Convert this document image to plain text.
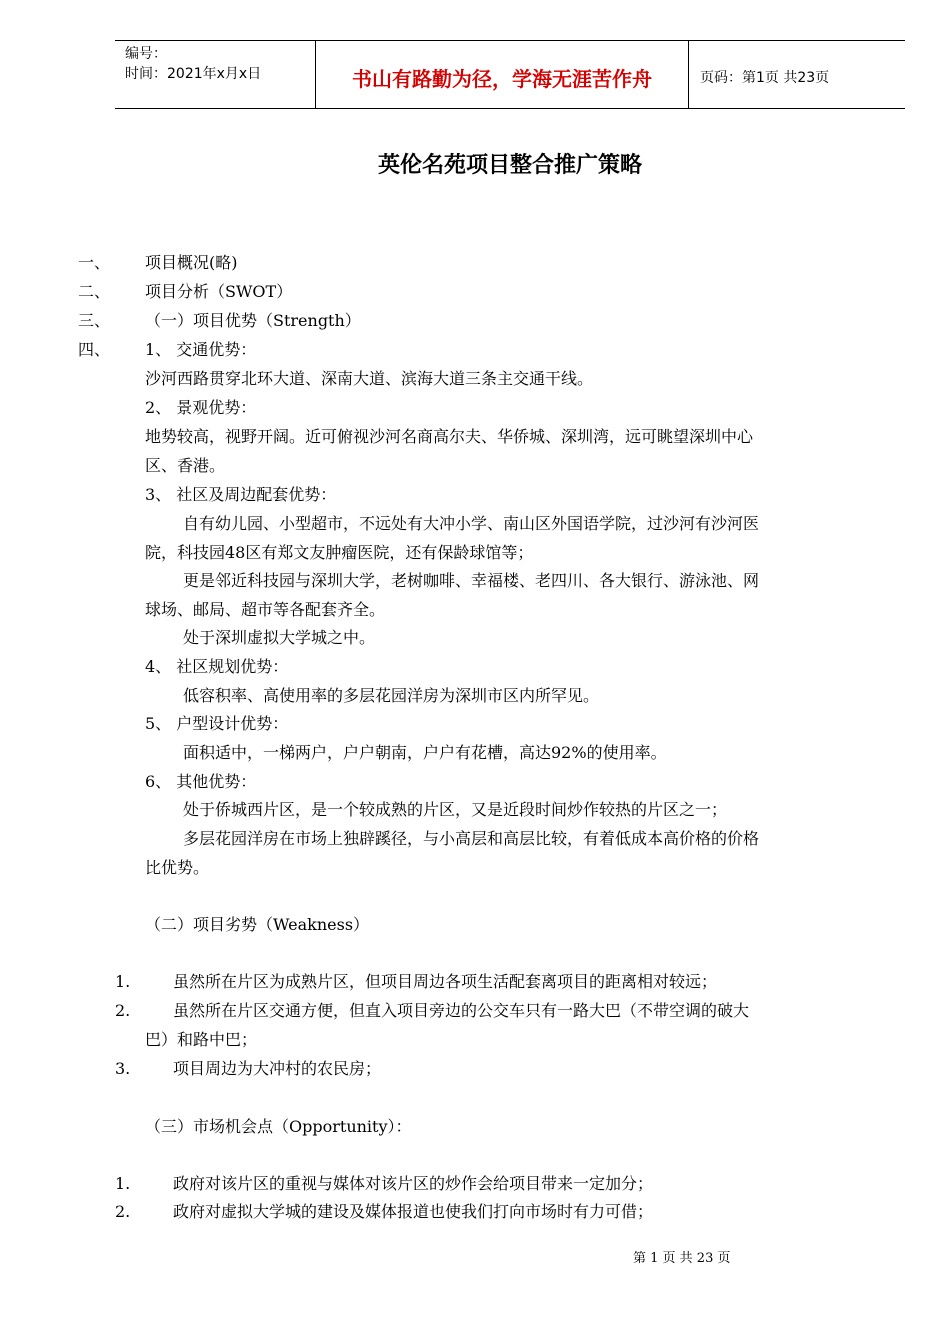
编号：
时间：2021年x月x日	书山有路勤为径，学海无涯苦作舟	页码：第1页 共23页
英伦名苑项目整合推广策略
一、 项目概况(略)
二、 项目分析（SWOT）
三、 （一）项目优势（Strength）
四、 1、 交通优势：
沙河西路贯穿北环大道、深南大道、滨海大道三条主交通干线。
2、 景观优势：
地势较高，视野开阔。近可俯视沙河名商高尔夫、华侨城、深圳湾，远可眺望深圳中心
区、香港。
3、 社区及周边配套优势：
自有幼儿园、小型超市，不远处有大冲小学、南山区外国语学院，过沙河有沙河医
院，科技园48区有郑文友肿瘤医院，还有保龄球馆等；
更是邻近科技园与深圳大学，老树咖啡、幸福楼、老四川、各大银行、游泳池、网
球场、邮局、超市等各配套齐全。
处于深圳虚拟大学城之中。
4、 社区规划优势：
低容积率、高使用率的多层花园洋房为深圳市区内所罕见。
5、 户型设计优势：
面积适中，一梯两户，户户朝南，户户有花槽，高达92%的使用率。
6、 其他优势：
处于侨城西片区，是一个较成熟的片区，又是近段时间炒作较热的片区之一；
多层花园洋房在市场上独辟蹊径，与小高层和高层比较，有着低成本高价格的价格
比优势。
（二）项目劣势（Weakness）
1.	虽然所在片区为成熟片区，但项目周边各项生活配套离项目的距离相对较远；
2.	虽然所在片区交通方便，但直入项目旁边的公交车只有一路大巴（不带空调的破大
巴）和路中巴；
3.	项目周边为大冲村的农民房；
（三）市场机会点（Opportunity）：
1.	政府对该片区的重视与媒体对该片区的炒作会给项目带来一定加分；
2.	政府对虚拟大学城的建设及媒体报道也使我们打向市场时有力可借；
第 1 页 共 23 页
